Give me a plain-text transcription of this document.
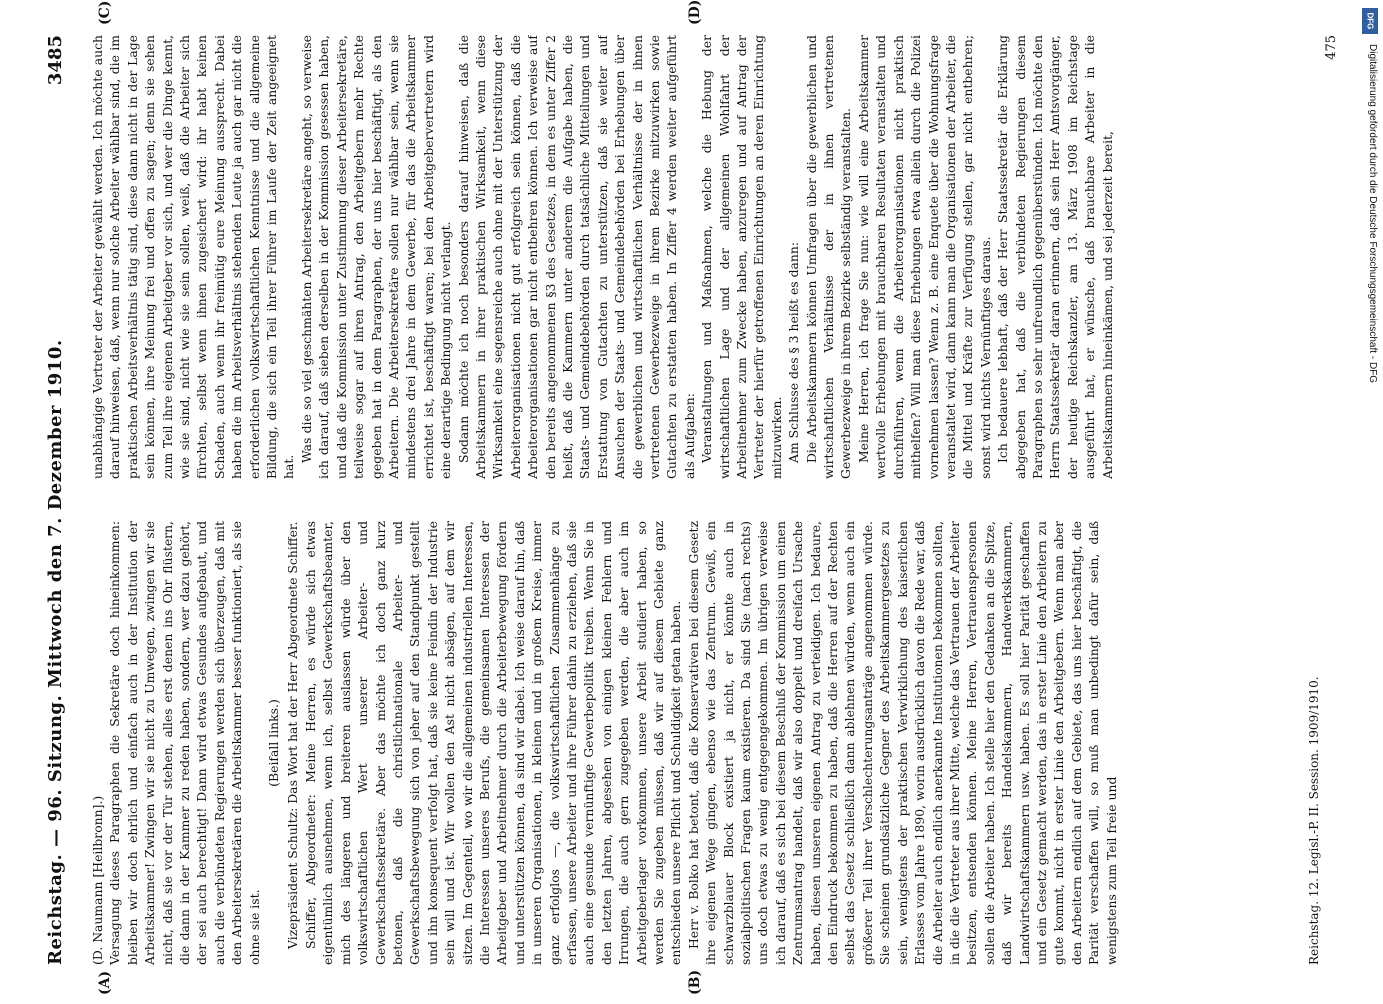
Reichstag. — 96. Sitzung. Mittwoch den 7. Dezember 1910.
3485

(D. Naumann [Heilbronn].) Versagung dieses Paragraphen die Sekretäre doch hineinkommen: bleiben wir doch ehrlich und einfach auch in der Institution der Arbeitskammer! Zwingen wir sie nicht zu Umwegen, zwingen wir sie nicht, daß sie vor der Tür stehen, alles erst denen ins Ohr flüstern, die dann in der Kammer zu reden haben, sondern, wer dazu gehört, der sei auch berechtigt! Dann wird etwas Gesundes aufgebaut, und auch die verbündeten Regierungen werden sich überzeugen, daß mit den Arbeitersekretären die Arbeitskammer besser funktioniert, als sie ohne sie ist.

(Beifall links.) Vizepräsident Schultz: Das Wort hat der Herr Abgeordnete Schiffer. Schiffer, Abgeordneter: Meine Herren, es würde sich etwas eigentümlich ausnehmen, wenn ich, selbst Gewerkschaftsbeamter, mich des längeren und breiteren auslassen würde über den volkswirtschaftlichen Wert unserer Arbeiter- und Gewerkschaftssekretäre. Aber das möchte ich doch ganz kurz betonen, daß die christlichnationale Arbeiter- und Gewerkschaftsbewegung sich von jeher auf den Standpunkt gestellt und ihn konsequent verfolgt hat, daß sie keine Feindin der Industrie sein will und ist. Wir wollen den Ast nicht absägen, auf dem wir sitzen. Im Gegenteil, wo wir die allgemeinen industriellen Interessen, die Interessen unseres Berufs, die gemeinsamen Interessen der Arbeitgeber und Arbeitnehmer durch die Arbeiterbewegung fördern und unterstützen können, da sind wir dabei. Ich weise darauf hin, daß in unseren Organisationen, in kleinen und in großem Kreise, immer ganz erfolglos —, die volkswirtschaftlichen Zusammenhänge zu erfassen, unsere Arbeiter und ihre Führer dahin zu erziehen, daß sie auch eine gesunde vernünftige Gewerbepolitik treiben. Wenn Sie in den letzten Jahren, abgesehen von einigen kleinen Fehlern und Irrungen, die auch gern zugegeben werden, die aber auch im Arbeitgeberlager vorkommen, unsere Arbeit studiert haben, so werden Sie zugeben müssen, daß wir auf diesem Gebiete ganz entschieden unsere Pflicht und Schuldigkeit getan haben. Herr v. Bolko hat betont, daß die Konservativen bei diesem Gesetz ihre eigenen Wege gingen, ebenso wie das Zentrum. Gewiß, ein schwarzblauer Block existiert ja nicht, er könnte auch in sozialpolitischen Fragen kaum existieren. Da sind Sie (nach rechts) uns doch etwas zu wenig entgegengekommen. Im übrigen verweise ich darauf, daß es sich bei diesem Beschluß der Kommission um einen Zentrumsantrag handelt, daß wir also doppelt und dreifach Ursache haben, diesen unseren eigenen Antrag zu verteidigen. Ich bedaure, den Eindruck bekommen zu haben, daß die Herren auf der Rechten selbst das Gesetz schließlich dann ablehnen würden, wenn auch ein größerer Teil ihrer Verschlechterungsanträge angenommen würde. Sie scheinen grundsätzliche Gegner des Arbeitskammergesetzes zu sein, wenigstens der praktischen Verwirklichung des kaiserlichen Erlasses vom Jahre 1890, worin ausdrücklich davon die Rede war, daß die Arbeiter auch endlich anerkannte Institutionen bekommen sollten, in die die Vertreter aus ihrer Mitte, welche das Vertrauen der Arbeiter besitzen, entsenden können. Meine Herren, Vertrauenspersonen sollen die Arbeiter haben. Ich stelle hier den Gedanken an die Spitze, daß wir bereits Handelskammern, Handwerkskammern, Landwirtschaftskammern usw. haben. Es soll hier Parität geschaffen und ein Gesetz gemacht werden, das in erster Linie den Arbeitern zu gute kommt, nicht in erster Linie den Arbeitgebern. Wenn man aber den Arbeitern endlich auf dem Gebiete, das uns hier beschäftigt, die Parität verschaffen will, so muß man unbedingt dafür sein, daß wenigstens zum Teil freie und

unabhängige Vertreter der Arbeiter gewählt werden. Ich möchte auch darauf hinweisen, daß, wenn nur solche Arbeiter wählbar sind, die im praktischen Arbeitsverhältnis tätig sind, diese dann nicht in der Lage sein können, ihre Meinung frei und offen zu sagen; denn sie sehen zum Teil ihre eigenen Arbeitgeber vor sich, und wer die Dinge kennt, wie sie sind, nicht wie sie sein sollen, weiß, daß die Arbeiter sich fürchten, selbst wenn ihnen zugesichert wird: ihr habt keinen Schaden, auch wenn ihr freimütig eure Meinung aussprecht. Dabei haben die im Arbeitsverhältnis stehenden Leute ja auch gar nicht die erforderlichen volkswirtschaftlichen Kenntnisse und die allgemeine Bildung, die sich ein Teil ihrer Führer im Laufe der Zeit angeeignet hat.

Was die so viel geschmähten Arbeitersekretäre angeht, so verweise ich darauf, daß sieben derselben in der Kommission gesessen haben, und daß die Kommission unter Zustimmung dieser Arbeitersekretäre, teilweise sogar auf ihren Antrag, den Arbeitgebern mehr Rechte gegeben hat in dem Paragraphen, der uns hier beschäftigt, als den Arbeitern. Die Arbeitersekretäre sollen nur wählbar sein, wenn sie mindestens drei Jahre in dem Gewerbe, für das die Arbeitskammer errichtet ist, beschäftigt waren; bei den Arbeitgebervertretern wird eine derartige Bedingung nicht verlangt. Sodann möchte ich noch besonders darauf hinweisen, daß die Arbeitskammern in ihrer praktischen Wirksamkeit, wenn diese Wirksamkeit eine segensreiche auch ohne mit der Unterstützung der Arbeiterorganisationen nicht gut erfolgreich sein können, daß die Arbeiterorganisationen gar nicht entbehren können. Ich verweise auf den bereits angenommenen §3 des Gesetzes, in dem es unter Ziffer 2 heißt, daß die Kammern unter anderem die Aufgabe haben, die Staats- und Gemeindebehörden durch tatsächliche Mitteilungen und Erstattung von Gutachten zu unterstützen, daß sie weiter auf Ansuchen der Staats- und Gemeindebehörden bei Erhebungen über die gewerblichen und wirtschaftlichen Verhältnisse der in ihnen vertretenen Gewerbezweige in ihrem Bezirke mitzuwirken sowie Gutachten zu erstatten haben. In Ziffer 4 werden weiter aufgeführt als Aufgaben: Veranstaltungen und Maßnahmen, welche die Hebung der wirtschaftlichen Lage und der allgemeinen Wohlfahrt der Arbeitnehmer zum Zwecke haben, anzuregen und auf Antrag der Vertreter der hierfür getroffenen Einrichtungen an deren Einrichtung mitzuwirken. Am Schlusse des § 3 heißt es dann: Die Arbeitskammern können Umfragen über die gewerblichen und wirtschaftlichen Verhältnisse der in ihnen vertretenen Gewerbezweige in ihrem Bezirke selbständig veranstalten. Meine Herren, ich frage Sie nun: wie will eine Arbeitskammer wertvolle Erhebungen mit brauchbaren Resultaten veranstalten und durchführen, wenn die Arbeiterorganisationen nicht praktisch mithelfen? Will man diese Erhebungen etwa allein durch die Polizei vornehmen lassen? Wenn z. B. eine Enquete über die Wohnungsfrage veranstaltet wird, dann kann man die Organisationen der Arbeiter, die die Mittel und Kräfte zur Verfügung stellen, gar nicht entbehren; sonst wird nichts Vernünftiges daraus. Ich bedauere lebhaft, daß der Herr Staatssekretär die Erklärung abgegeben hat, daß die verbündeten Regierungen diesem Paragraphen so sehr unfreundlich gegenüberstünden. Ich möchte den Herrn Staatssekretär daran erinnern, daß sein Herr Amtsvorgänger, der heutige Reichskanzler, am 13. März 1908 im Reichstage ausgeführt hat, er wünsche, daß brauchbare Arbeiter in die Arbeitskammern hineinkämen, und sei jederzeit bereit,

(A)	(B)
(C)	(D)
Reichstag. 12. Legisl.-P. II. Session. 1909/1910.
475
DFG
Digitalisierung gefördert durch die Deutsche Forschungsgemeinschaft - DFG
